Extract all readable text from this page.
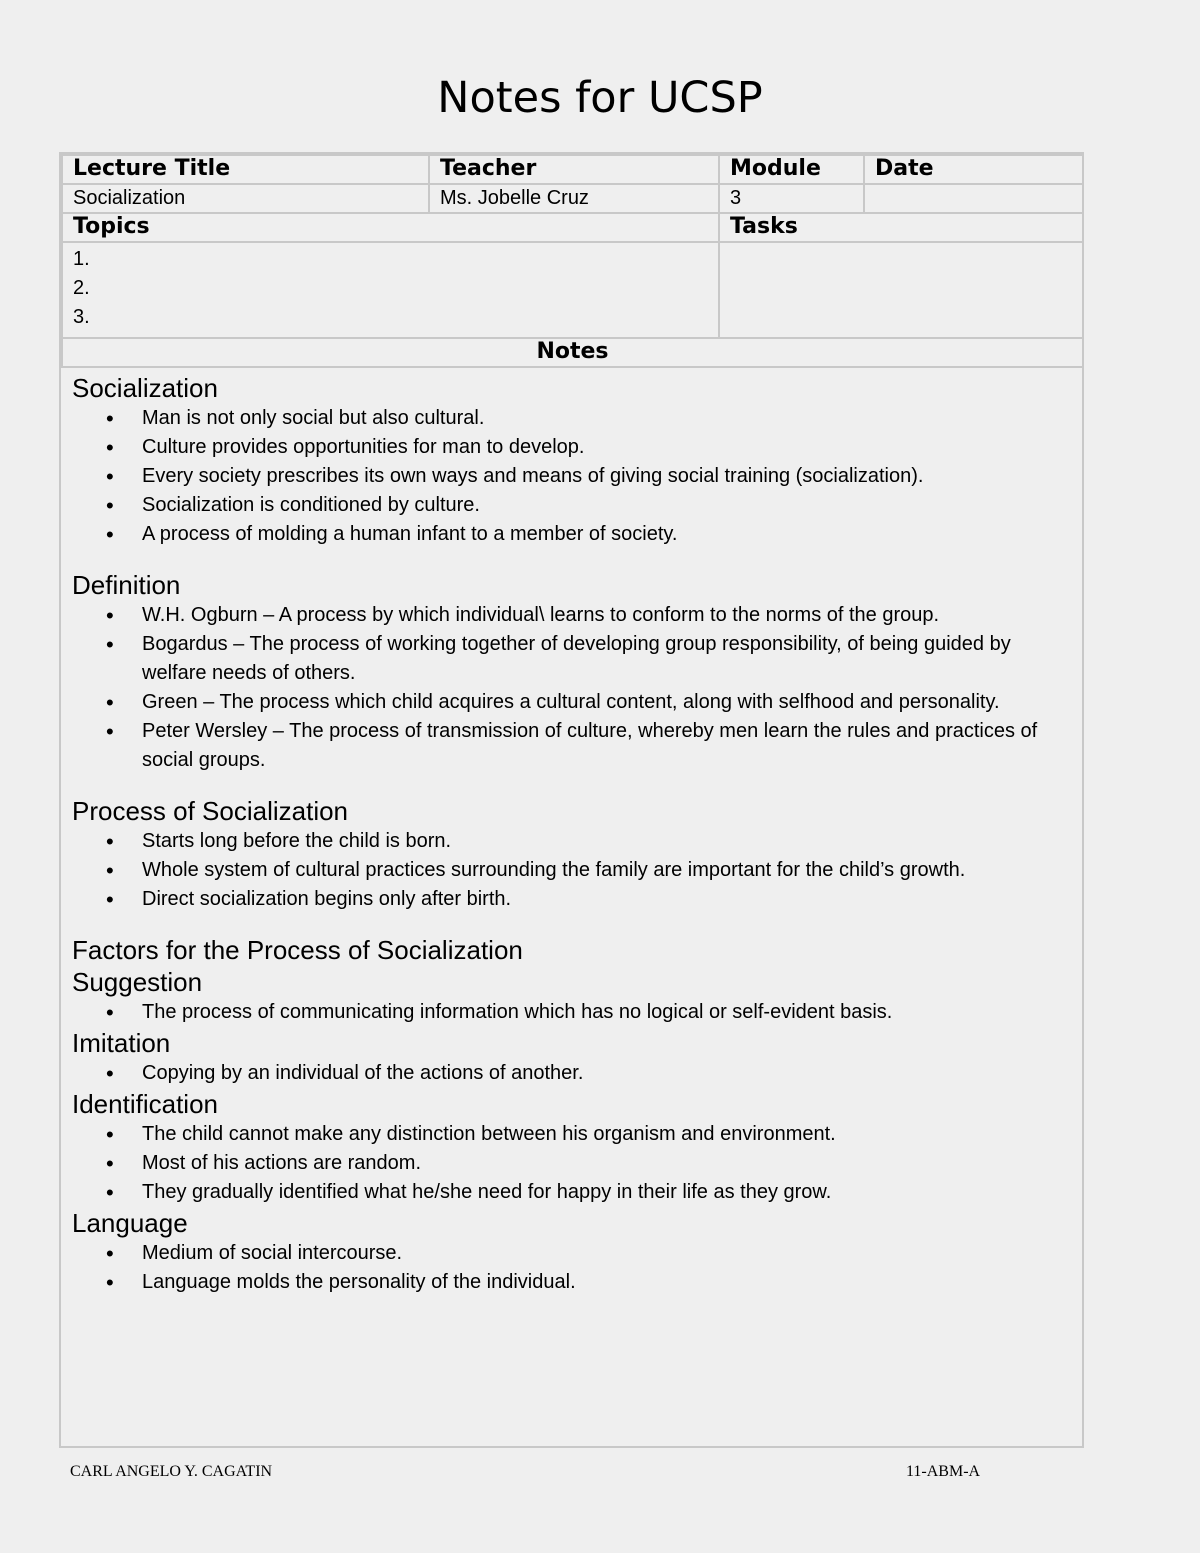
Notes for UCSP
Lecture Title	Teacher	Module	Date
Socialization	Ms. Jobelle Cruz	3	
Topics		Tasks	

1.
2.
3.			

Notes			
Socialization
• Man is not only social but also cultural.
• Culture provides opportunities for man to develop.
• Every society prescribes its own ways and means of giving social training (socialization).
• Socialization is conditioned by culture.
• A process of molding a human infant to a member of society.
Definition
• W.H. Ogburn – A process by which individual\ learns to conform to the norms of the group.
• Bogardus – The process of working together of developing group responsibility, of being guided by welfare needs of others.
• Green – The process which child acquires a cultural content, along with selfhood and personality.
• Peter Wersley – The process of transmission of culture, whereby men learn the rules and practices of social groups.
Process of Socialization
• Starts long before the child is born.
• Whole system of cultural practices surrounding the family are important for the child’s growth.
• Direct socialization begins only after birth.
Factors for the Process of Socialization
Suggestion
• The process of communicating information which has no logical or self-evident basis.
Imitation
• Copying by an individual of the actions of another.
Identification
• The child cannot make any distinction between his organism and environment.
• Most of his actions are random.
• They gradually identified what he/she need for happy in their life as they grow.
Language
• Medium of social intercourse.
• Language molds the personality of the individual.
CARL ANGELO Y. CAGATIN	11-ABM-A
